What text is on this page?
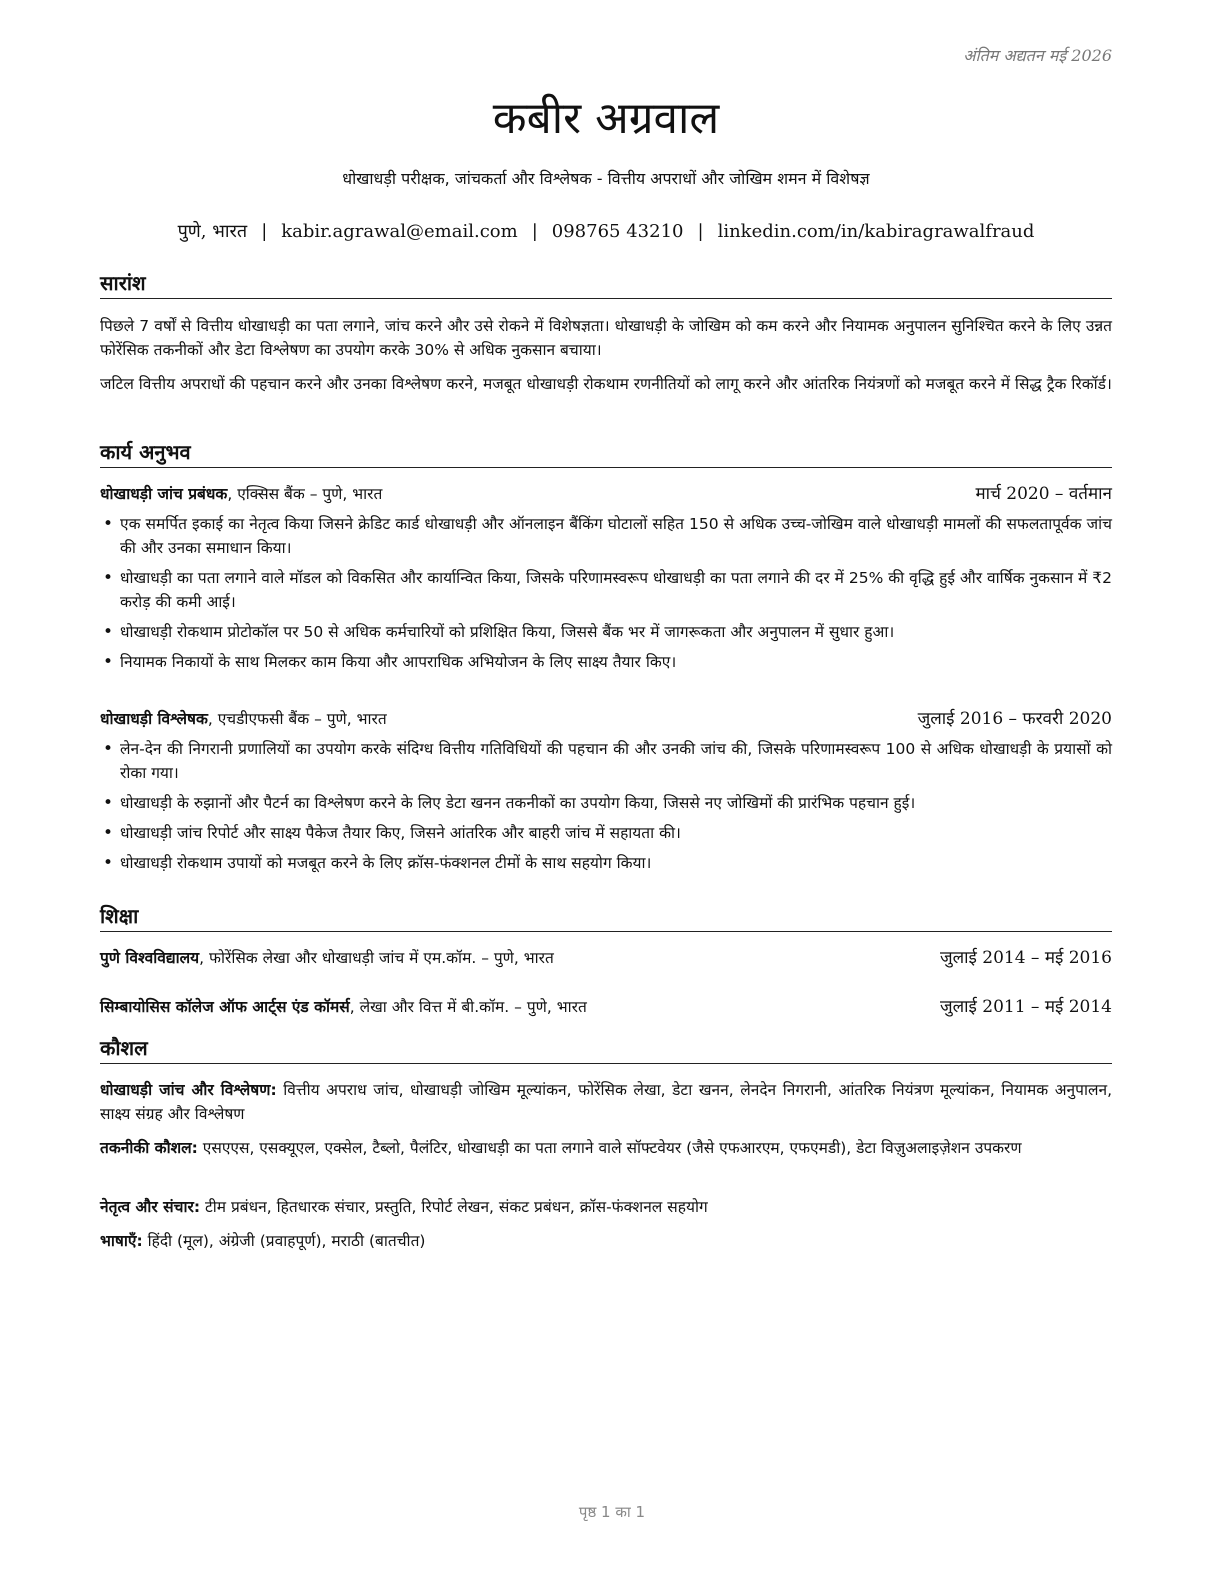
अंतिम अद्यतन मई 2026
कबीर अग्रवाल
धोखाधड़ी परीक्षक, जांचकर्ता और विश्लेषक - वित्तीय अपराधों और जोखिम शमन में विशेषज्ञ
पुणे, भारत | kabir.agrawal@email.com | 098765 43210 | linkedin.com/in/kabiragrawalfraud
सारांश
पिछले 7 वर्षों से वित्तीय धोखाधड़ी का पता लगाने, जांच करने और उसे रोकने में विशेषज्ञता। धोखाधड़ी के जोखिम को कम करने और नियामक अनुपालन सुनिश्चित करने के लिए उन्नत फोरेंसिक तकनीकों और डेटा विश्लेषण का उपयोग करके 30% से अधिक नुकसान बचाया।
जटिल वित्तीय अपराधों की पहचान करने और उनका विश्लेषण करने, मजबूत धोखाधड़ी रोकथाम रणनीतियों को लागू करने और आंतरिक नियंत्रणों को मजबूत करने में सिद्ध ट्रैक रिकॉर्ड।
कार्य अनुभव
धोखाधड़ी जांच प्रबंधक, एक्सिस बैंक – पुणे, भारत	मार्च 2020 – वर्तमान
• एक समर्पित इकाई का नेतृत्व किया जिसने क्रेडिट कार्ड धोखाधड़ी और ऑनलाइन बैंकिंग घोटालों सहित 150 से अधिक उच्च-जोखिम वाले धोखाधड़ी मामलों की सफलतापूर्वक जांच की और उनका समाधान किया।
• धोखाधड़ी का पता लगाने वाले मॉडल को विकसित और कार्यान्वित किया, जिसके परिणामस्वरूप धोखाधड़ी का पता लगाने की दर में 25% की वृद्धि हुई और वार्षिक नुकसान में ₹2 करोड़ की कमी आई।
• धोखाधड़ी रोकथाम प्रोटोकॉल पर 50 से अधिक कर्मचारियों को प्रशिक्षित किया, जिससे बैंक भर में जागरूकता और अनुपालन में सुधार हुआ।
• नियामक निकायों के साथ मिलकर काम किया और आपराधिक अभियोजन के लिए साक्ष्य तैयार किए।
धोखाधड़ी विश्लेषक, एचडीएफसी बैंक – पुणे, भारत	जुलाई 2016 – फरवरी 2020
• लेन-देन की निगरानी प्रणालियों का उपयोग करके संदिग्ध वित्तीय गतिविधियों की पहचान की और उनकी जांच की, जिसके परिणामस्वरूप 100 से अधिक धोखाधड़ी के प्रयासों को रोका गया।
• धोखाधड़ी के रुझानों और पैटर्न का विश्लेषण करने के लिए डेटा खनन तकनीकों का उपयोग किया, जिससे नए जोखिमों की प्रारंभिक पहचान हुई।
• धोखाधड़ी जांच रिपोर्ट और साक्ष्य पैकेज तैयार किए, जिसने आंतरिक और बाहरी जांच में सहायता की।
• धोखाधड़ी रोकथाम उपायों को मजबूत करने के लिए क्रॉस-फंक्शनल टीमों के साथ सहयोग किया।
शिक्षा
पुणे विश्वविद्यालय, फोरेंसिक लेखा और धोखाधड़ी जांच में एम.कॉम. – पुणे, भारत	जुलाई 2014 – मई 2016
सिम्बायोसिस कॉलेज ऑफ आर्ट्स एंड कॉमर्स, लेखा और वित्त में बी.कॉम. – पुणे, भारत	जुलाई 2011 – मई 2014
कौशल
धोखाधड़ी जांच और विश्लेषण: वित्तीय अपराध जांच, धोखाधड़ी जोखिम मूल्यांकन, फोरेंसिक लेखा, डेटा खनन, लेनदेन निगरानी, आंतरिक नियंत्रण मूल्यांकन, नियामक अनुपालन, साक्ष्य संग्रह और विश्लेषण
तकनीकी कौशल: एसएएस, एसक्यूएल, एक्सेल, टैब्लो, पैलंटिर, धोखाधड़ी का पता लगाने वाले सॉफ्टवेयर (जैसे एफआरएम, एफएमडी), डेटा विज़ुअलाइज़ेशन उपकरण
नेतृत्व और संचार: टीम प्रबंधन, हितधारक संचार, प्रस्तुति, रिपोर्ट लेखन, संकट प्रबंधन, क्रॉस-फंक्शनल सहयोग
भाषाएँ: हिंदी (मूल), अंग्रेजी (प्रवाहपूर्ण), मराठी (बातचीत)
पृष्ठ 1 का 1
